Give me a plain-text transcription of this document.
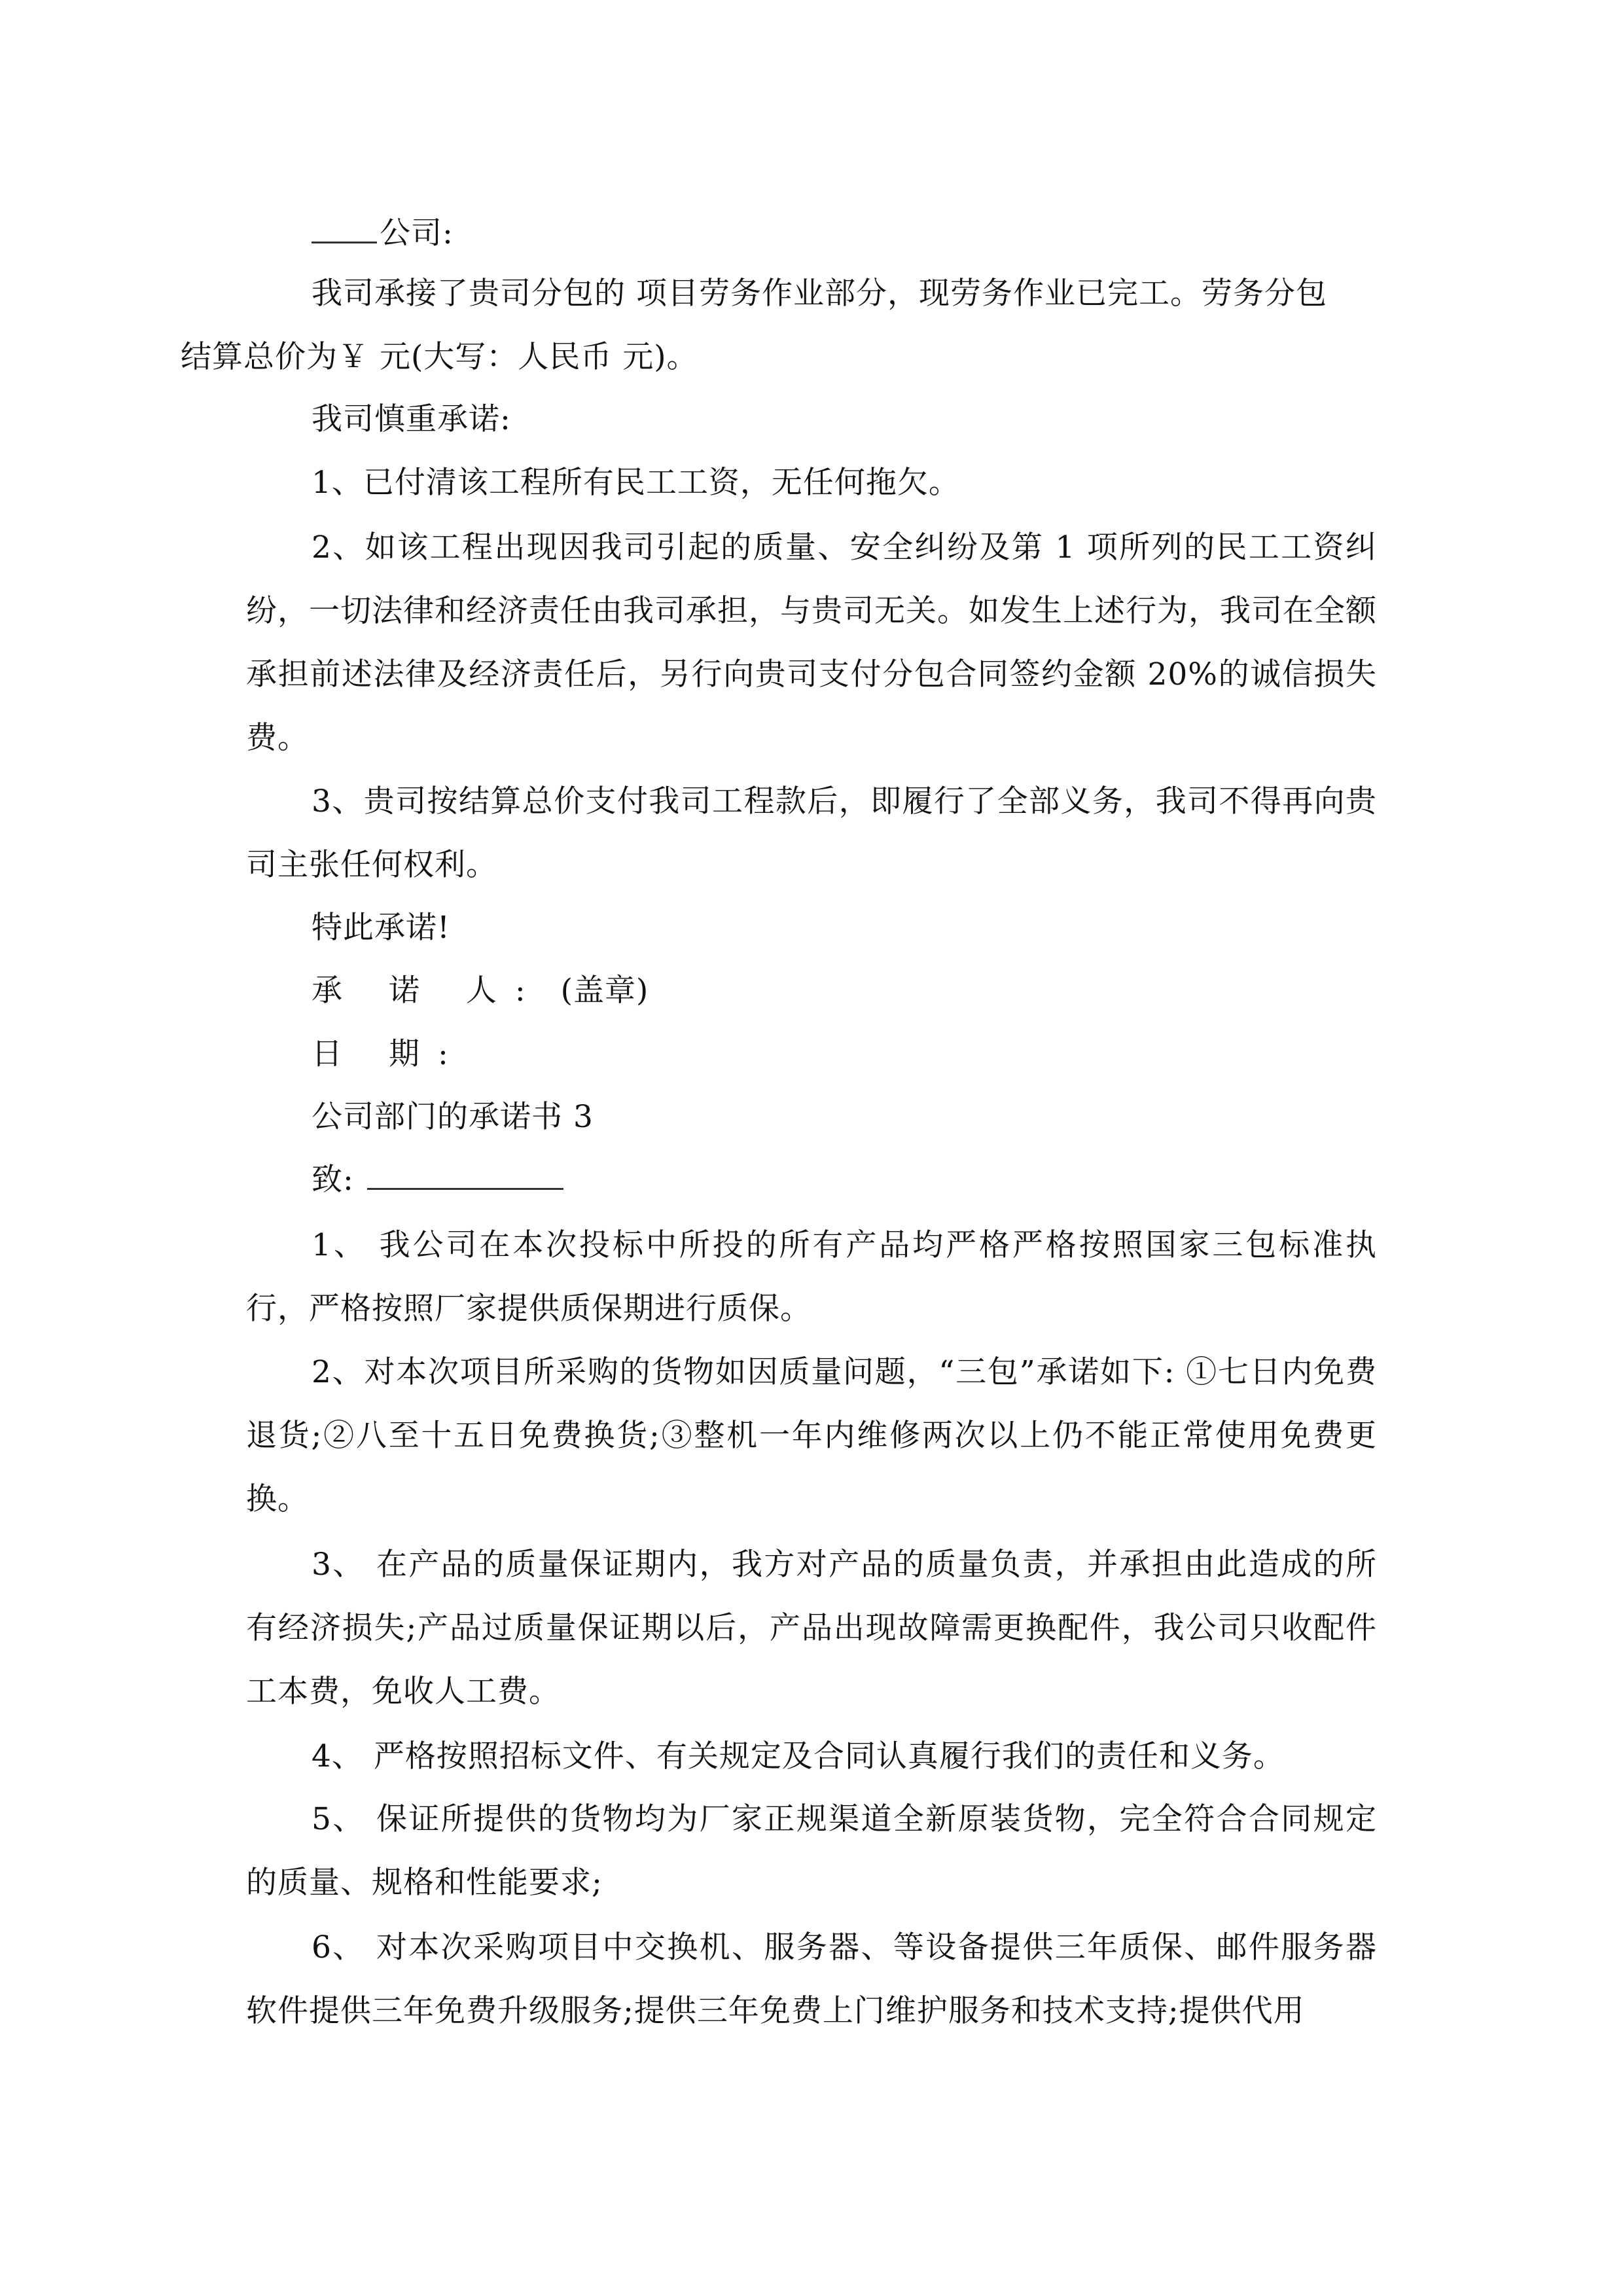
公司:

我司承接了贵司分包的 项目劳务作业部分，现劳务作业已完工。劳务分包
结算总价为￥ 元(大写：人民币 元)。

我司慎重承诺:
1、已付清该工程所有民工工资，无任何拖欠。

2、如该工程出现因我司引起的质量、安全纠纷及第 1 项所列的民工工资纠纷，一切法律和经济责任由我司承担，与贵司无关。如发生上述行为，我司在全额承担前述法律及经济责任后，另行向贵司支付分包合同签约金额 20%的诚信损失费。

3、贵司按结算总价支付我司工程款后，即履行了全部义务，我司不得再向贵司主张任何权利。

特此承诺!
承 诺 人: (盖章)
日 期:
公司部门的承诺书 3
致:

1、 我公司在本次投标中所投的所有产品均严格严格按照国家三包标准执行，严格按照厂家提供质保期进行质保。

2、对本次项目所采购的货物如因质量问题，“三包”承诺如下: ①七日内免费退货;②八至十五日免费换货;③整机一年内维修两次以上仍不能正常使用免费更换。

3、 在产品的质量保证期内，我方对产品的质量负责，并承担由此造成的所有经济损失;产品过质量保证期以后，产品出现故障需更换配件，我公司只收配件工本费，免收人工费。

4、 严格按照招标文件、有关规定及合同认真履行我们的责任和义务。

5、 保证所提供的货物均为厂家正规渠道全新原装货物，完全符合合同规定的质量、规格和性能要求;

6、 对本次采购项目中交换机、服务器、等设备提供三年质保、邮件服务器软件提供三年免费升级服务;提供三年免费上门维护服务和技术支持;提供代用
